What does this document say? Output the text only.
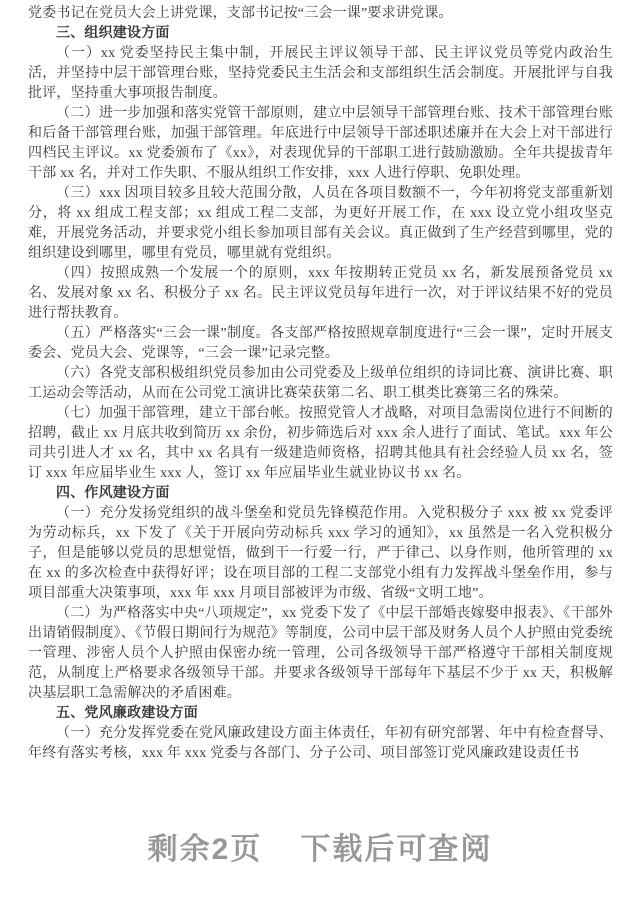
党委书记在党员大会上讲党课，支部书记按“三会一课”要求讲党课。

三、组织建设方面

（一）xx 党委坚持民主集中制，开展民主评议领导干部、民主评议党员等党内政治生活，并坚持中层干部管理台账，坚持党委民主生活会和支部组织生活会制度。开展批评与自我批评，坚持重大事项报告制度。

（二）进一步加强和落实党管干部原则，建立中层领导干部管理台账、技术干部管理台账和后备干部管理台账，加强干部管理。年底进行中层领导干部述职述廉并在大会上对干部进行四档民主评议。xx 党委颁布了《xx》，对表现优异的干部职工进行鼓励激励。全年共提拔青年干部 xx 名，并对工作失职、不服从组织工作安排，xxx 人进行停职、免职处理。

（三）xxx 因项目较多且较大范围分散，人员在各项目数额不一，今年初将党支部重新划分，将 xx 组成工程支部；xx 组成工程二支部，为更好开展工作，在 xxx 设立党小组攻坚克难，开展党务活动，并要求党小组长参加项目部有关会议。真正做到了生产经营到哪里，党的组织建设到哪里，哪里有党员，哪里就有党组织。

（四）按照成熟一个发展一个的原则，xxx 年按期转正党员 xx 名，新发展预备党员 xx 名、发展对象 xx 名、积极分子 xx 名。民主评议党员每年进行一次，对于评议结果不好的党员进行帮扶教育。

（五）严格落实“三会一课”制度。各支部严格按照规章制度进行“三会一课”，定时开展支委会、党员大会、党课等，“三会一课”记录完整。

（六）各党支部积极组织党员参加由公司党委及上级单位组织的诗词比赛、演讲比赛、职工运动会等活动，从而在公司党工演讲比赛荣获第二名、职工棋类比赛第三名的殊荣。

（七）加强干部管理，建立干部台帐。按照党管人才战略，对项目急需岗位进行不间断的招聘，截止 xx 月底共收到简历 xx 余份，初步筛选后对 xxx 余人进行了面试、笔试。xxx 年公司共引进人才 xx 名，其中 xx 名具有一级建造师资格，招聘其他具有社会经验人员 xx 名，签订 xxx 年应届毕业生 xxx 人，签订 xx 年应届毕业生就业协议书 xx 名。

四、作风建设方面

（一）充分发扬党组织的战斗堡垒和党员先锋模范作用。入党积极分子 xxx 被 xx 党委评为劳动标兵，xx 下发了《关于开展向劳动标兵 xxx 学习的通知》，xx 虽然是一名入党积极分子，但是能够以党员的思想觉悟，做到干一行爱一行，严于律己、以身作则，他所管理的 xx 在 xx 的多次检查中获得好评；设在项目部的工程二支部党小组有力发挥战斗堡垒作用，参与项目部重大决策事项，xxx 年 xxx 月项目部被评为市级、省级“文明工地”。

（二）为严格落实中央“八项规定”，xx 党委下发了《中层干部婚丧嫁娶申报表》、《干部外出请销假制度》、《节假日期间行为规范》等制度，公司中层干部及财务人员个人护照由党委统一管理、涉密人员个人护照由保密办统一管理，公司各级领导干部严格遵守干部相关制度规范，从制度上严格要求各级领导干部。并要求各级领导干部每年下基层不少于 xx 天，积极解决基层职工急需解决的矛盾困难。

五、党风廉政建设方面

（一）充分发挥党委在党风廉政建设方面主体责任，年初有研究部署、年中有检查督导、年终有落实考核，xxx 年 xxx 党委与各部门、分子公司、项目部签订党风廉政建设责任书

剩余2页 下载后可查阅
